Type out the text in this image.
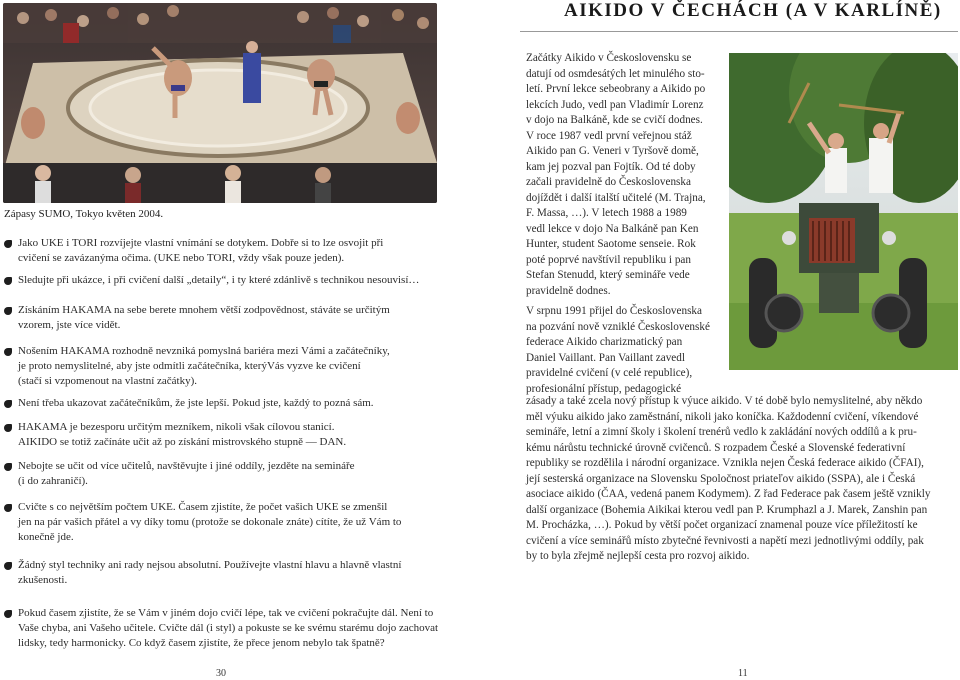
Zápasy SUMO, Tokyo květen 2004.

Jako UKE i TORI rozvíjejte vlastní vnímání se dotykem. Dobře si to lze osvojit při

cvičení se zavázanýma očima. (UKE nebo TORI, vždy však pouze jeden).

Sledujte při ukázce, i při cvičení další „detaily“, i ty které zdánlivě s technikou nesouvisí…

Získáním HAKAMA na sebe berete mnohem větší zodpovědnost, stáváte se určitým

vzorem, jste více vidět.

Nošením HAKAMA rozhodně nevzniká pomyslná bariéra mezi Vámi a začátečníky,

je proto nemyslitelné, aby jste odmítli začátečníka, kterýVás vyzve ke cvičení

(stačí si vzpomenout na vlastní začátky).

Není třeba ukazovat začátečníkům, že jste lepší. Pokud jste, každý to pozná sám.

HAKAMA je bezesporu určitým mezníkem, nikoli však cílovou stanicí.

AIKIDO se totiž začínáte učit až po získání mistrovského stupně — DAN.

Nebojte se učit od více učitelů, navštěvujte i jiné oddíly, jezděte na semináře

(i do zahraničí).

Cvičte s co největším počtem UKE. Časem zjistíte, že počet vašich UKE se zmenšil

jen na pár vašich přátel a vy díky tomu (protože se dokonale znáte) cítíte, že už Vám to

konečně jde.

Žádný styl techniky ani rady nejsou absolutní. Používejte vlastní hlavu a hlavně vlastní

zkušenosti.

Pokud časem zjistíte, že se Vám v jiném dojo cvičí lépe, tak ve cvičení pokračujte dál. Není to

Vaše chyba, ani Vašeho učitele. Cvičte dál (i styl) a pokuste se ke svému starému dojo zachovat

lidsky, tedy harmonicky. Co když časem zjistíte, že přece jenom nebylo tak špatně?

30
AIKIDO V ČECHÁCH (A V KARLÍNĚ)
Začátky Aikido v Československu se
datují od osmdesátých let minulého sto-
letí. První lekce sebeobrany a Aikido po
lekcích Judo, vedl pan Vladimír Lorenz
v dojo na Balkáně, kde se cvičí dodnes.
V roce 1987 vedl první veřejnou stáž
Aikido pan G. Veneri v Tyršově domě,
kam jej pozval pan Fojtík. Od té doby
začali pravidelně do Československa
dojíždět i další italští učitelé (M. Trajna,
F. Massa, …). V letech 1988 a 1989
vedl lekce v dojo Na Balkáně pan Ken
Hunter, student Saotome senseie. Rok
poté poprvé navštívil republiku i pan
Stefan Stenudd, který semináře vede
pravidelně dodnes.
V srpnu 1991 přijel do Československa
na pozvání nově vzniklé Československé
federace Aikido charizmatický pan
Daniel Vaillant. Pan Vaillant zavedl
pravidelné cvičení (v celé republice),
profesionální přístup, pedagogické
zásady a také zcela nový přístup k výuce aikido. V té době bylo nemyslitelné, aby někdo
měl výuku aikido jako zaměstnání, nikoli jako koníčka. Každodenní cvičení, víkendové
semináře, letní a zimní školy i školení trenérů vedlo k zakládání nových oddílů a k pru-
kému nárůstu technické úrovně cvičenců. S rozpadem České a Slovenské federativní
republiky se rozdělila i národní organizace. Vznikla nejen Česká federace aikido (ČFAI),
její sesterská organizace na Slovensku Spoločnost priateľov aikido (SSPA), ale i Česká
asociace aikido (ČAA, vedená panem Kodymem). Z řad Federace pak časem ještě vznikly
další organizace (Bohemia Aikikai kterou vedl pan P. Krumphazl a J. Marek, Zanshin pan
M. Procházka, …). Pokud by větší počet organizací znamenal pouze více příležitostí ke
cvičení a více seminářů místo zbytečné řevnivosti a napětí mezi jednotlivými oddíly, pak
by to byla zřejmě nejlepší cesta pro rozvoj aikido.
11
